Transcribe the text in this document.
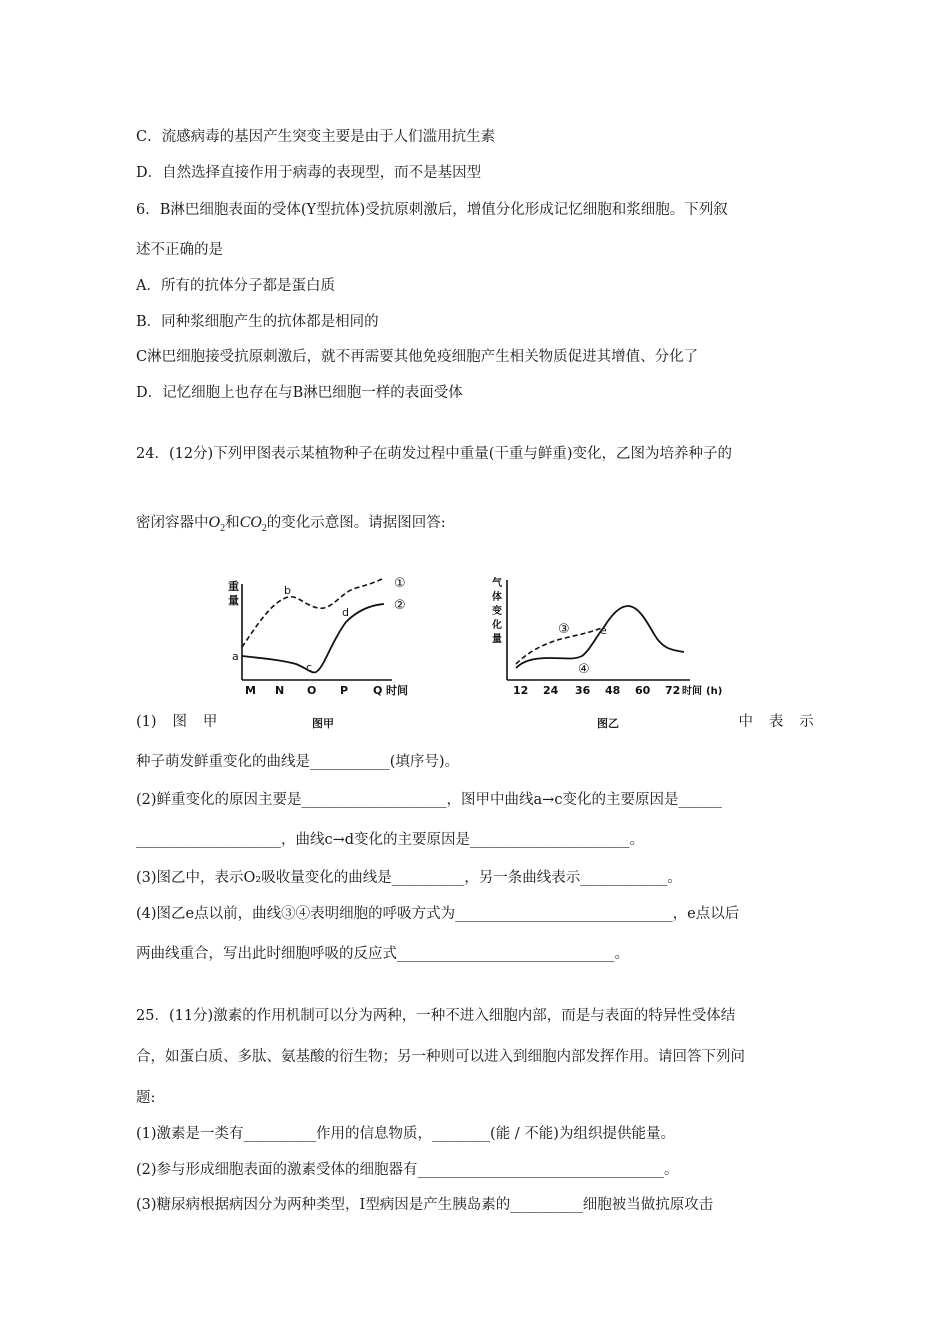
C．流感病毒的基因产生突变主要是由于人们滥用抗生素
D．自然选择直接作用于病毒的表现型，而不是基因型
6．B淋巴细胞表面的受体(Y型抗体)受抗原刺激后，增值分化形成记忆细胞和浆细胞。下列叙
述不正确的是
A．所有的抗体分子都是蛋白质
B．同种浆细胞产生的抗体都是相同的
C淋巴细胞接受抗原刺激后，就不再需要其他免疫细胞产生相关物质促进其增值、分化了
D．记忆细胞上也存在与B淋巴细胞一样的表面受体
24．(12分)下列甲图表示某植物种子在萌发过程中重量(干重与鲜重)变化，乙图为培养种子的
密闭容器中$O_2$和$CO_2$的变化示意图。请据图回答:
重
量
a
b
c
d
M N O P Q 时间
①
②
气
体
变
化
量
e
12 24 36 48 60 72 时间 (h)
③
④
(1) 图 甲	中 表 示
图甲	图乙
种子萌发鲜重变化的曲线是___________(填序号)。
(2)鲜重变化的原因主要是____________________，图甲中曲线a→c变化的主要原因是______
____________________，曲线c→d变化的主要原因是______________________。
(3)图乙中，表示O₂吸收量变化的曲线是__________，另一条曲线表示____________。
(4)图乙e点以前，曲线③④表明细胞的呼吸方式为______________________________，e点以后
两曲线重合，写出此时细胞呼吸的反应式______________________________。
25．(11分)激素的作用机制可以分为两种，一种不进入细胞内部，而是与表面的特异性受体结
合，如蛋白质、多肽、氨基酸的衍生物；另一种则可以进入到细胞内部发挥作用。请回答下列问
题:
(1)激素是一类有__________作用的信息物质，________(能 / 不能)为组织提供能量。
(2)参与形成细胞表面的激素受体的细胞器有__________________________________。
(3)糖尿病根据病因分为两种类型，I型病因是产生胰岛素的__________细胞被当做抗原攻击
